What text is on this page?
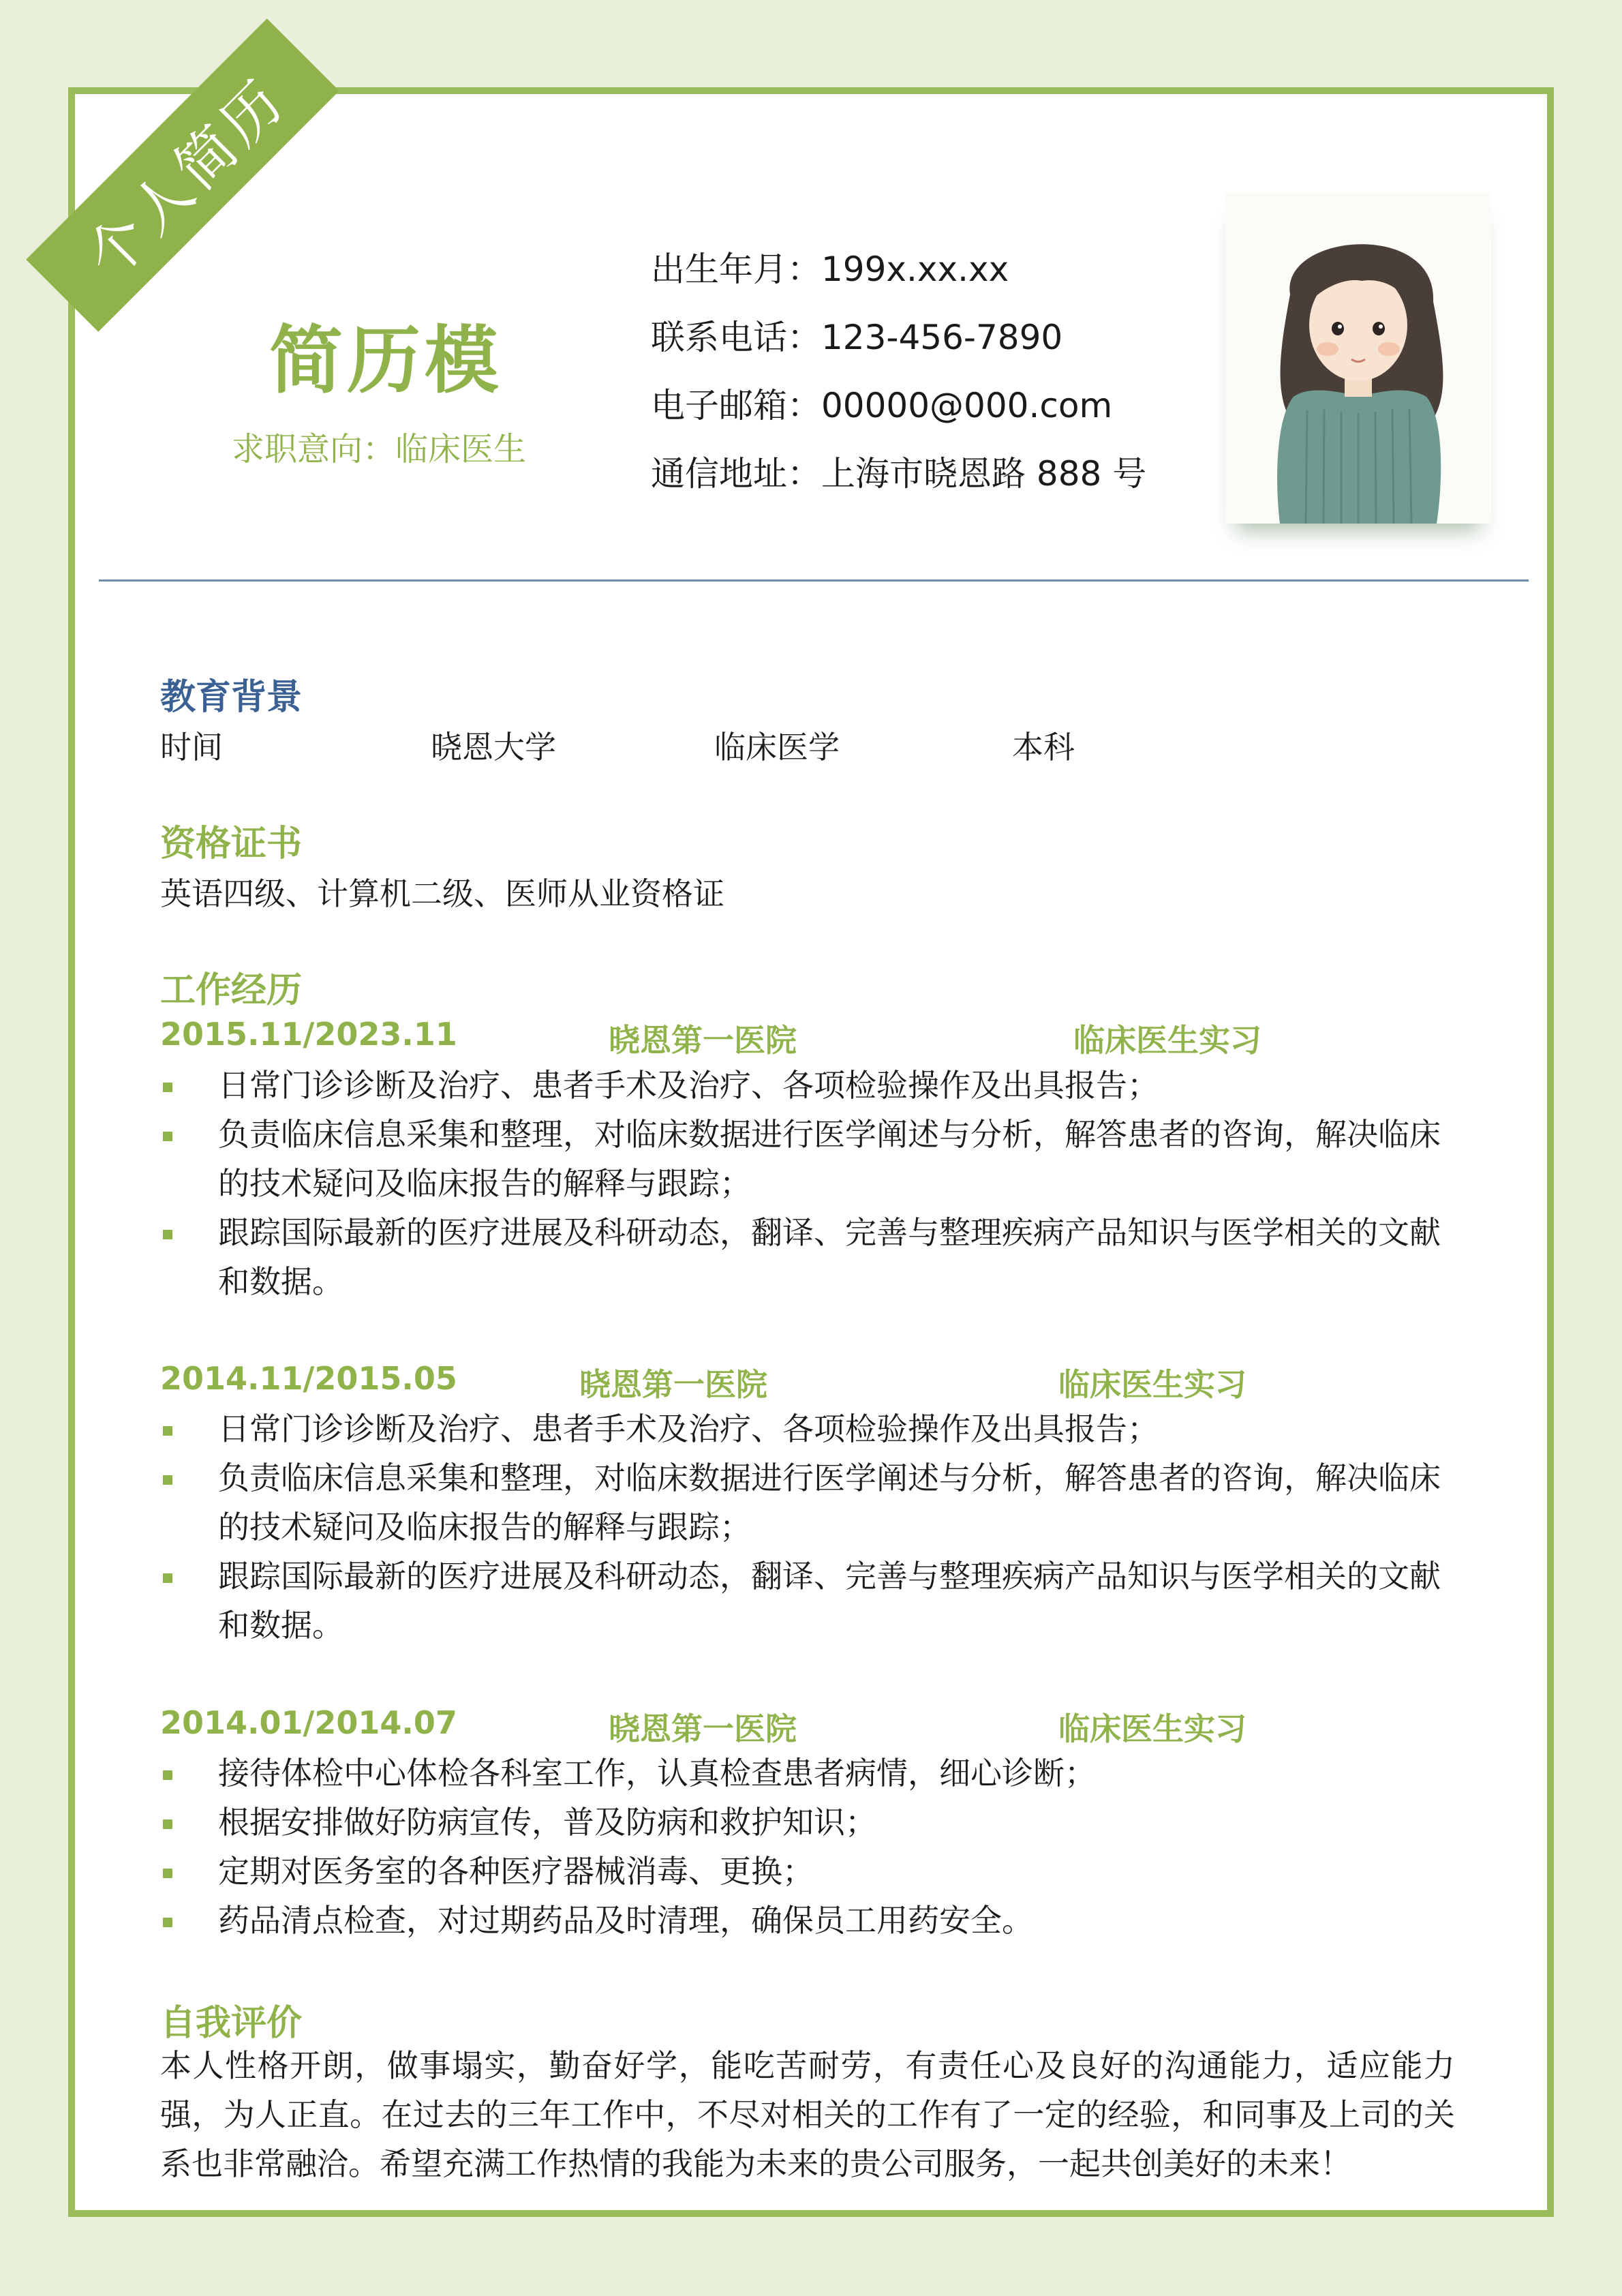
个人简历
简历模
求职意向：临床医生
出生年月：199x.xx.xx
联系电话：123-456-7890
电子邮箱：00000@000.com
通信地址：上海市晓恩路 888 号
教育背景
时间	晓恩大学	临床医学	本科
资格证书
英语四级、计算机二级、医师从业资格证
工作经历
2015.11/2023.11	晓恩第一医院	临床医生实习
日常门诊诊断及治疗、患者手术及治疗、各项检验操作及出具报告；
负责临床信息采集和整理，对临床数据进行医学阐述与分析，解答患者的咨询，解决临床的技术疑问及临床报告的解释与跟踪；
跟踪国际最新的医疗进展及科研动态，翻译、完善与整理疾病产品知识与医学相关的文献和数据。
2014.11/2015.05	晓恩第一医院	临床医生实习
日常门诊诊断及治疗、患者手术及治疗、各项检验操作及出具报告；
负责临床信息采集和整理，对临床数据进行医学阐述与分析，解答患者的咨询，解决临床的技术疑问及临床报告的解释与跟踪；
跟踪国际最新的医疗进展及科研动态，翻译、完善与整理疾病产品知识与医学相关的文献和数据。
2014.01/2014.07	晓恩第一医院	临床医生实习
接待体检中心体检各科室工作，认真检查患者病情，细心诊断；
根据安排做好防病宣传，普及防病和救护知识；
定期对医务室的各种医疗器械消毒、更换；
药品清点检查，对过期药品及时清理，确保员工用药安全。
自我评价
本人性格开朗，做事塌实，勤奋好学，能吃苦耐劳，有责任心及良好的沟通能力，适应能力强，为人正直。在过去的三年工作中，不尽对相关的工作有了一定的经验，和同事及上司的关系也非常融洽。希望充满工作热情的我能为未来的贵公司服务，一起共创美好的未来！
